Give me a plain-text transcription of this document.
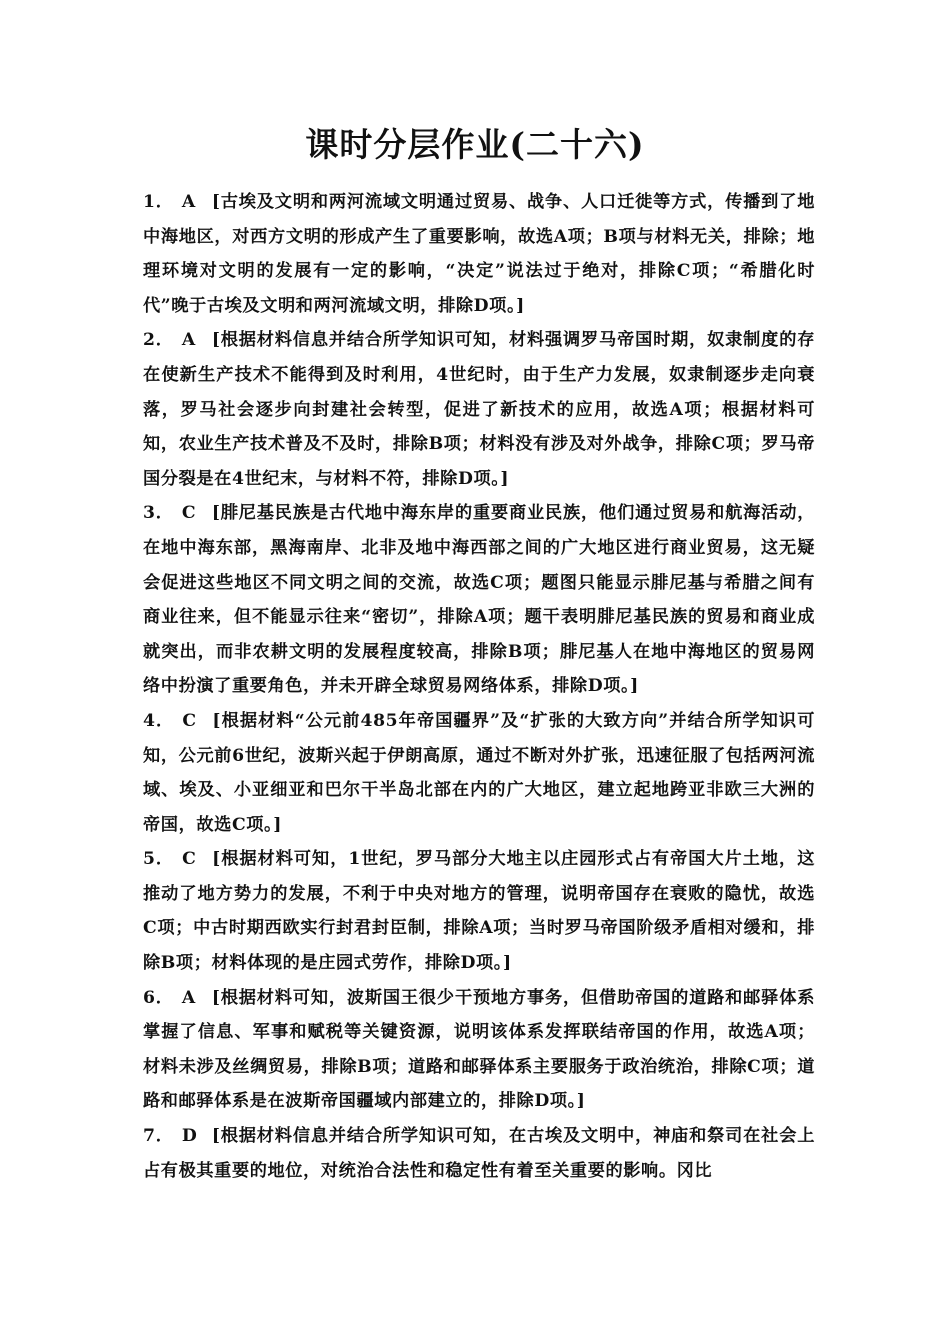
课时分层作业(二十六)

1． A [古埃及文明和两河流域文明通过贸易、战争、人口迁徙等方式，传播到了地中海地区，对西方文明的形成产生了重要影响，故选A项；B项与材料无关，排除；地理环境对文明的发展有一定的影响，“决定”说法过于绝对，排除C项；“希腊化时代”晚于古埃及文明和两河流域文明，排除D项。]

2． A [根据材料信息并结合所学知识可知，材料强调罗马帝国时期，奴隶制度的存在使新生产技术不能得到及时利用，4世纪时，由于生产力发展，奴隶制逐步走向衰落，罗马社会逐步向封建社会转型，促进了新技术的应用，故选A项；根据材料可知，农业生产技术普及不及时，排除B项；材料没有涉及对外战争，排除C项；罗马帝国分裂是在4世纪末，与材料不符，排除D项。]

3． C [腓尼基民族是古代地中海东岸的重要商业民族，他们通过贸易和航海活动，在地中海东部，黑海南岸、北非及地中海西部之间的广大地区进行商业贸易，这无疑会促进这些地区不同文明之间的交流，故选C项；题图只能显示腓尼基与希腊之间有商业往来，但不能显示往来“密切”，排除A项；题干表明腓尼基民族的贸易和商业成就突出，而非农耕文明的发展程度较高，排除B项；腓尼基人在地中海地区的贸易网络中扮演了重要角色，并未开辟全球贸易网络体系，排除D项。]

4． C [根据材料“公元前485年帝国疆界”及“扩张的大致方向”并结合所学知识可知，公元前6世纪，波斯兴起于伊朗高原，通过不断对外扩张，迅速征服了包括两河流域、埃及、小亚细亚和巴尔干半岛北部在内的广大地区，建立起地跨亚非欧三大洲的帝国，故选C项。]

5． C [根据材料可知，1世纪，罗马部分大地主以庄园形式占有帝国大片土地，这推动了地方势力的发展，不利于中央对地方的管理，说明帝国存在衰败的隐忧，故选C项；中古时期西欧实行封君封臣制，排除A项；当时罗马帝国阶级矛盾相对缓和，排除B项；材料体现的是庄园式劳作，排除D项。]

6． A [根据材料可知，波斯国王很少干预地方事务，但借助帝国的道路和邮驿体系掌握了信息、军事和赋税等关键资源，说明该体系发挥联结帝国的作用，故选A项；材料未涉及丝绸贸易，排除B项；道路和邮驿体系主要服务于政治统治，排除C项；道路和邮驿体系是在波斯帝国疆域内部建立的，排除D项。]

7． D [根据材料信息并结合所学知识可知，在古埃及文明中，神庙和祭司在社会上占有极其重要的地位，对统治合法性和稳定性有着至关重要的影响。冈比
